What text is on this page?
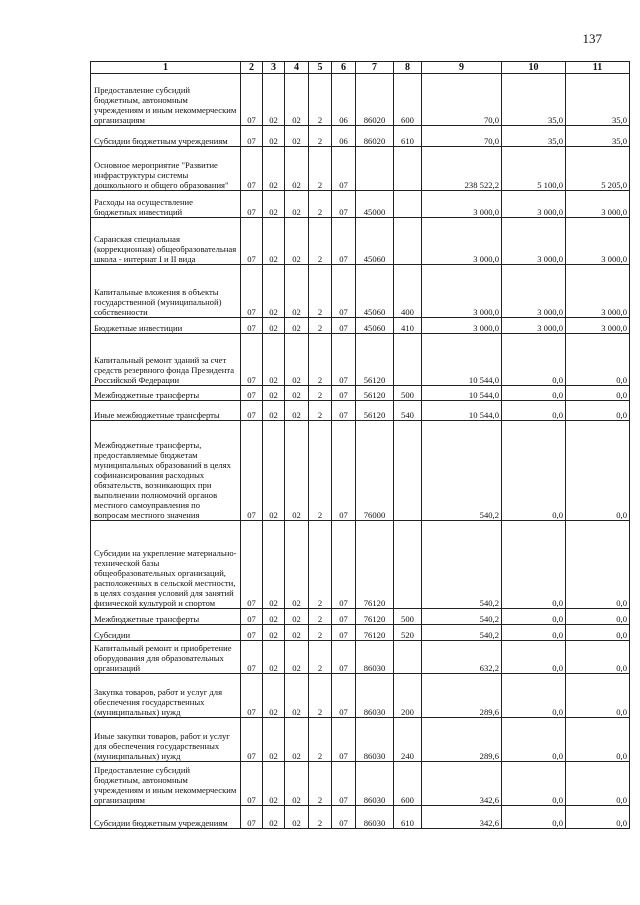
137
1	2	3	4	5	6	7	8	9	10	11
Предоставление субсидий бюджетным, автономным учреждениям и иным некоммерческим организациям	07	02	02	2	06	86020	600	70,0	35,0	35,0
Субсидии бюджетным учреждениям	07	02	02	2	06	86020	610	70,0	35,0	35,0
Основное мероприятие "Развитие инфраструктуры системы дошкольного и общего образования"	07	02	02	2	07			238 522,2	5 100,0	5 205,0
Расходы на осуществление бюджетных инвестиций	07	02	02	2	07	45000		3 000,0	3 000,0	3 000,0
Саранская специальная (коррекционная) общеобразовательная школа - интернат I и II вида	07	02	02	2	07	45060		3 000,0	3 000,0	3 000,0
Капитальные вложения в объекты государственной (муниципальной) собственности	07	02	02	2	07	45060	400	3 000,0	3 000,0	3 000,0
Бюджетные инвестиции	07	02	02	2	07	45060	410	3 000,0	3 000,0	3 000,0
Капитальный ремонт зданий за счет средств резервного фонда Президента Российской Федерации	07	02	02	2	07	56120		10 544,0	0,0	0,0
Межбюджетные трансферты	07	02	02	2	07	56120	500	10 544,0	0,0	0,0
Иные межбюджетные трансферты	07	02	02	2	07	56120	540	10 544,0	0,0	0,0
Межбюджетные трансферты, предоставляемые бюджетам муниципальных образований в целях софинансирования расходных обязательств, возникающих при выполнении полномочий органов местного самоуправления по вопросам местного значения	07	02	02	2	07	76000		540,2	0,0	0,0
Субсидии на укрепление материально-технической базы общеобразовательных организаций, расположенных в сельской местности, в целях создания условий для занятий физической культурой и спортом	07	02	02	2	07	76120		540,2	0,0	0,0
Межбюджетные трансферты	07	02	02	2	07	76120	500	540,2	0,0	0,0
Субсидии	07	02	02	2	07	76120	520	540,2	0,0	0,0
Капитальный ремонт и приобретение оборудования для образовательных организаций	07	02	02	2	07	86030		632,2	0,0	0,0
Закупка товаров, работ и услуг для обеспечения государственных (муниципальных) нужд	07	02	02	2	07	86030	200	289,6	0,0	0,0
Иные закупки товаров, работ и услуг для обеспечения государственных (муниципальных) нужд	07	02	02	2	07	86030	240	289,6	0,0	0,0
Предоставление субсидий бюджетным, автономным учреждениям и иным некоммерческим организациям	07	02	02	2	07	86030	600	342,6	0,0	0,0
Субсидии бюджетным учреждениям	07	02	02	2	07	86030	610	342,6	0,0	0,0
